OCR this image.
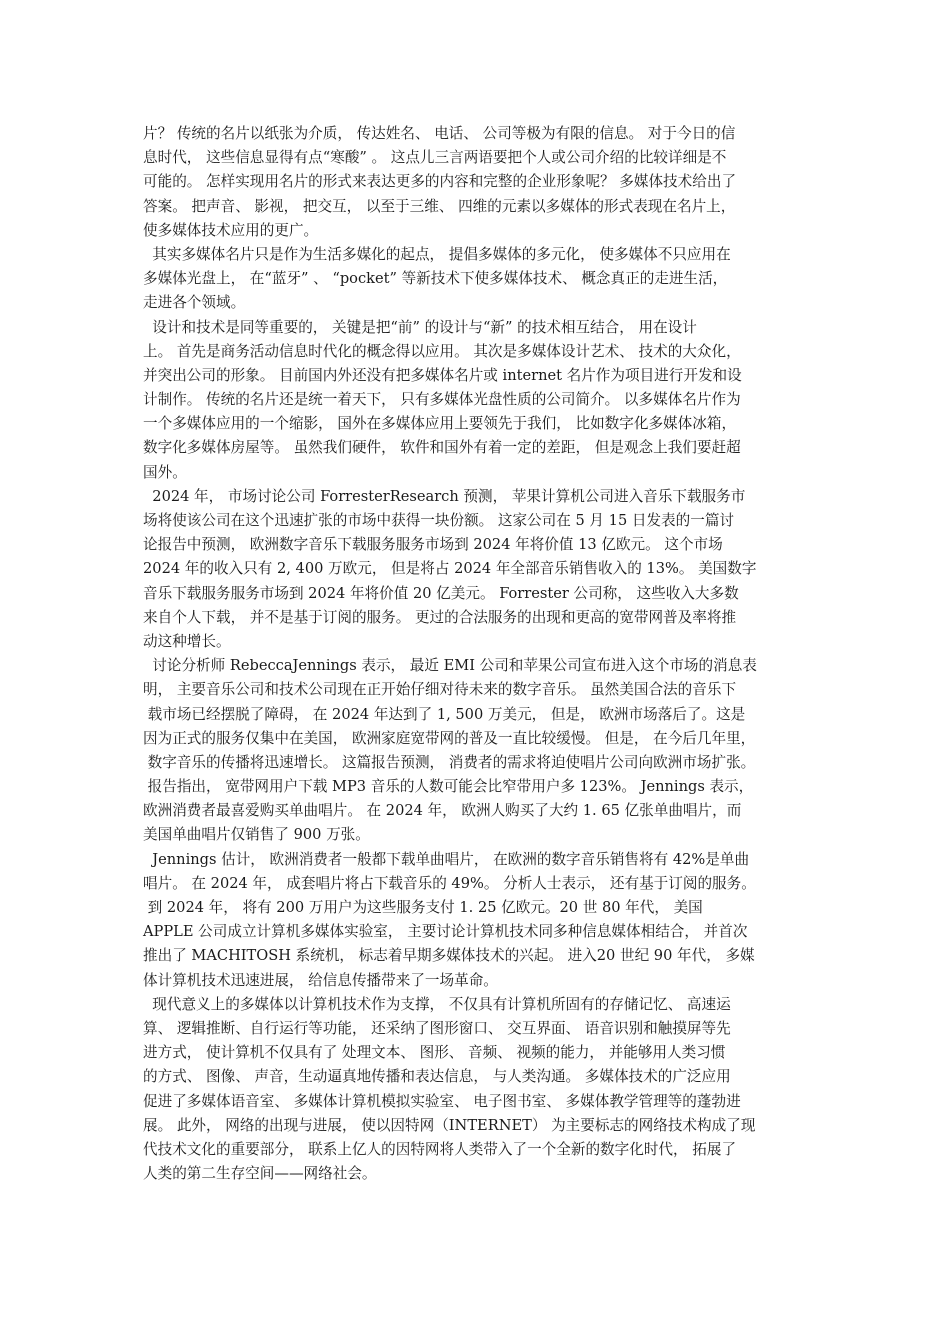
片？ 传统的名片以纸张为介质， 传达姓名、 电话、 公司等极为有限的信息。 对于今日的信
息时代， 这些信息显得有点“寒酸” 。 这点儿三言两语要把个人或公司介绍的比较详细是不
可能的。 怎样实现用名片的形式来表达更多的内容和完整的企业形象呢？ 多媒体技术给出了
答案。 把声音、 影视， 把交互， 以至于三维、 四维的元素以多媒体的形式表现在名片上，
使多媒体技术应用的更广。
其实多媒体名片只是作为生活多媒化的起点， 提倡多媒体的多元化， 使多媒体不只应用在
多媒体光盘上， 在“蓝牙” 、 “pocket” 等新技术下使多媒体技术、 概念真正的走进生活，
走进各个领域。
设计和技术是同等重要的， 关键是把“前” 的设计与“新” 的技术相互结合， 用在设计
上。 首先是商务活动信息时代化的概念得以应用。 其次是多媒体设计艺术、 技术的大众化，
并突出公司的形象。 目前国内外还没有把多媒体名片或 internet 名片作为项目进行开发和设
计制作。 传统的名片还是统一着天下， 只有多媒体光盘性质的公司简介。 以多媒体名片作为
一个多媒体应用的一个缩影， 国外在多媒体应用上要领先于我们， 比如数字化多媒体冰箱，
数字化多媒体房屋等。 虽然我们硬件， 软件和国外有着一定的差距， 但是观念上我们要赶超
国外。
2024 年， 市场讨论公司 ForresterResearch 预测， 苹果计算机公司进入音乐下载服务市
场将使该公司在这个迅速扩张的市场中获得一块份额。 这家公司在 5 月 15 日发表的一篇讨
论报告中预测， 欧洲数字音乐下载服务服务市场到 2024 年将价值 13 亿欧元。 这个市场
2024 年的收入只有 2, 400 万欧元， 但是将占 2024 年全部音乐销售收入的 13%。 美国数字
音乐下载服务服务市场到 2024 年将价值 20 亿美元。 Forrester 公司称， 这些收入大多数
来自个人下载， 并不是基于订阅的服务。 更过的合法服务的出现和更高的宽带网普及率将推
动这种增长。
讨论分析师 RebeccaJennings 表示， 最近 EMI 公司和苹果公司宣布进入这个市场的消息表
明， 主要音乐公司和技术公司现在正开始仔细对待未来的数字音乐。 虽然美国合法的音乐下
载市场已经摆脱了障碍， 在 2024 年达到了 1, 500 万美元， 但是， 欧洲市场落后了。这是
因为正式的服务仅集中在美国， 欧洲家庭宽带网的普及一直比较缓慢。 但是， 在今后几年里，
数字音乐的传播将迅速增长。 这篇报告预测， 消费者的需求将迫使唱片公司向欧洲市场扩张。
报告指出， 宽带网用户下载 MP3 音乐的人数可能会比窄带用户多 123%。 Jennings 表示，
欧洲消费者最喜爱购买单曲唱片。 在 2024 年， 欧洲人购买了大约 1. 65 亿张单曲唱片，而
美国单曲唱片仅销售了 900 万张。
Jennings 估计， 欧洲消费者一般都下载单曲唱片， 在欧洲的数字音乐销售将有 42%是单曲
唱片。 在 2024 年， 成套唱片将占下载音乐的 49%。 分析人士表示， 还有基于订阅的服务。
到 2024 年， 将有 200 万用户为这些服务支付 1. 25 亿欧元。20 世 80 年代， 美国
APPLE 公司成立计算机多媒体实验室， 主要讨论计算机技术同多种信息媒体相结合， 并首次
推出了 MACHITOSH 系统机， 标志着早期多媒体技术的兴起。 进入20 世纪 90 年代， 多媒
体计算机技术迅速进展， 给信息传播带来了一场革命。
现代意义上的多媒体以计算机技术作为支撑， 不仅具有计算机所固有的存储记忆、 高速运
算、 逻辑推断、自行运行等功能， 还采纳了图形窗口、 交互界面、 语音识别和触摸屏等先
进方式， 使计算机不仅具有了 处理文本、 图形、 音频、 视频的能力， 并能够用人类习惯
的方式、 图像、 声音，生动逼真地传播和表达信息， 与人类沟通。 多媒体技术的广泛应用
促进了多媒体语音室、 多媒体计算机模拟实验室、 电子图书室、 多媒体教学管理等的蓬勃进
展。 此外， 网络的出现与进展， 使以因特网（INTERNET） 为主要标志的网络技术构成了现
代技术文化的重要部分， 联系上亿人的因特网将人类带入了一个全新的数字化时代， 拓展了
人类的第二生存空间——网络社会。
